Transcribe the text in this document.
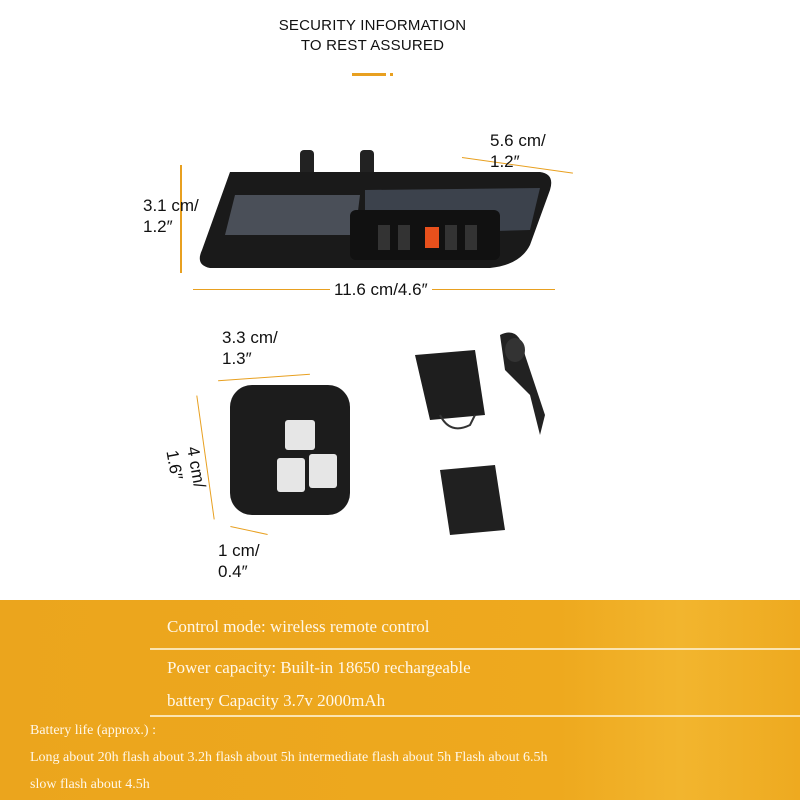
SECURITY INFORMATION
TO REST ASSURED
3.1 cm/
1.2″
5.6 cm/
1.2″
11.6 cm/4.6″
3.3 cm/
1.3″
4 cm/
1.6″
1 cm/
0.4″
Control mode: wireless remote control
Power capacity: Built-in 18650 rechargeable
battery Capacity 3.7v 2000mAh
Battery life (approx.) :
Long about 20h flash about 3.2h flash about 5h intermediate flash about 5h Flash about 6.5h
slow flash about 4.5h
